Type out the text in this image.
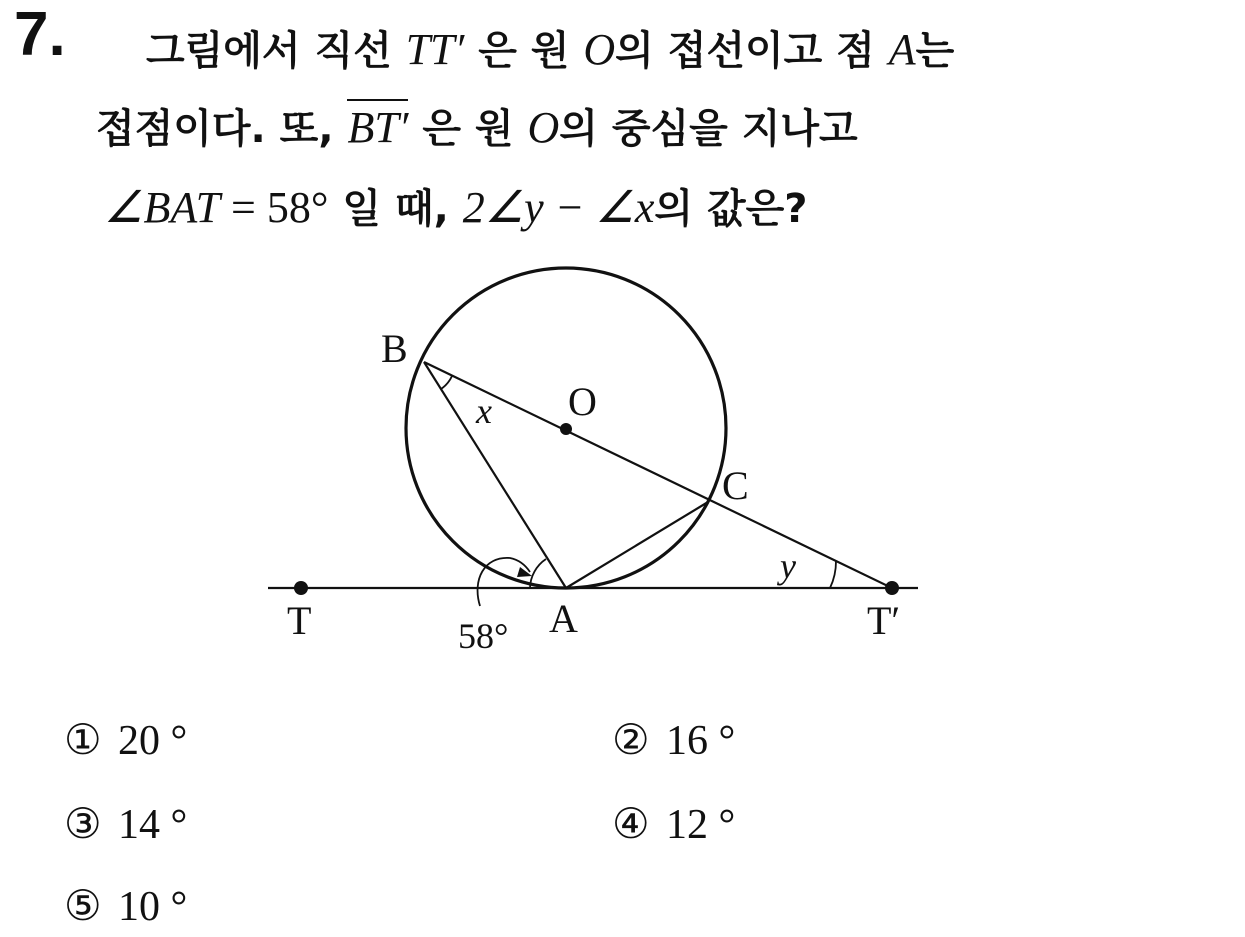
7. 그림에서 직선 TT′ 은 원 O의 접선이고 점 A는
접점이다. 또, BT′ 은 원 O의 중심을 지나고
∠BAT = 58° 일 때, 2∠y − ∠x의 값은?
B
O
C
A
T	T′
58°
x
y
① 20 °	② 16 °
③ 14 °	④ 12 °
⑤ 10 °
